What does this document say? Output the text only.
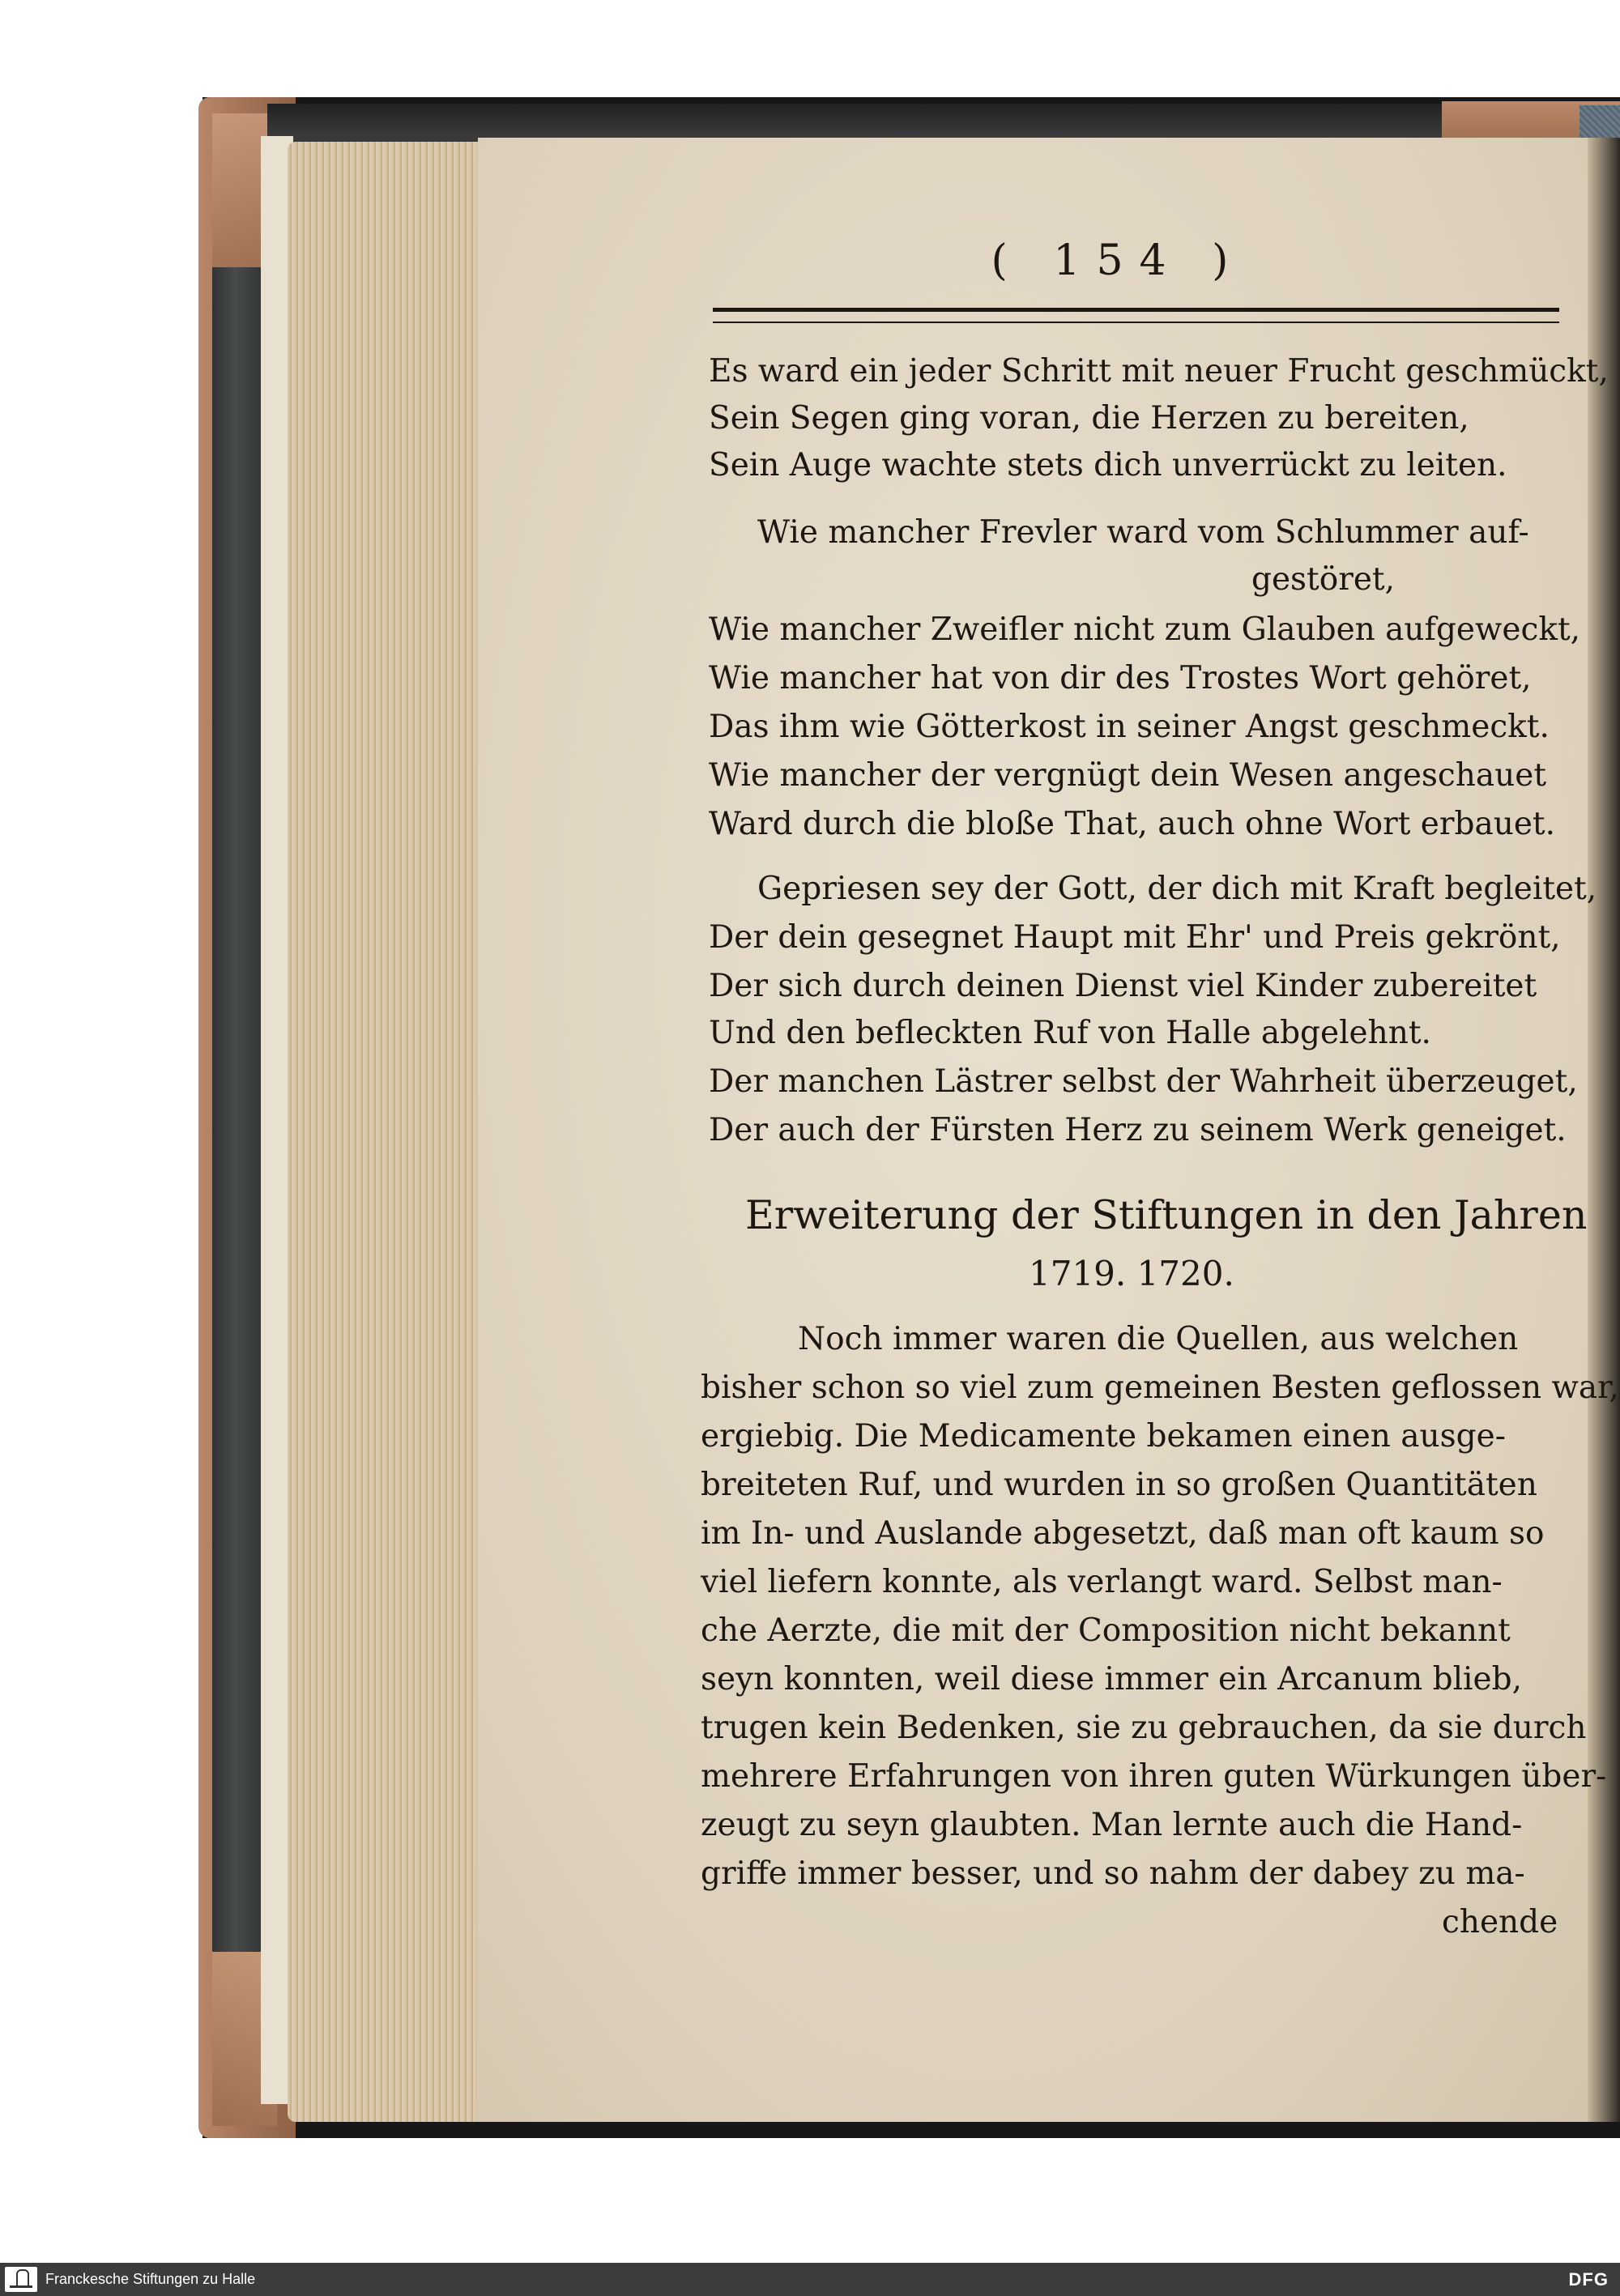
( 154 )
Es ward ein jeder Schritt mit neuer Frucht geschmückt,
Sein Segen ging voran, die Herzen zu bereiten,
Sein Auge wachte stets dich unverrückt zu leiten.
Wie mancher Frevler ward vom Schlummer auf-
gestöret,
Wie mancher Zweifler nicht zum Glauben aufgeweckt,
Wie mancher hat von dir des Trostes Wort gehöret,
Das ihm wie Götterkost in seiner Angst geschmeckt.
Wie mancher der vergnügt dein Wesen angeschauet
Ward durch die bloße That, auch ohne Wort erbauet.
Gepriesen sey der Gott, der dich mit Kraft begleitet,
Der dein gesegnet Haupt mit Ehr' und Preis gekrönt,
Der sich durch deinen Dienst viel Kinder zubereitet
Und den befleckten Ruf von Halle abgelehnt.
Der manchen Lästrer selbst der Wahrheit überzeuget,
Der auch der Fürsten Herz zu seinem Werk geneiget.
Erweiterung der Stiftungen in den Jahren
1719. 1720.
Noch immer waren die Quellen, aus welchen
bisher schon so viel zum gemeinen Besten geflossen war,
ergiebig. Die Medicamente bekamen einen ausge-
breiteten Ruf, und wurden in so großen Quantitäten
im In- und Auslande abgesetzt, daß man oft kaum so
viel liefern konnte, als verlangt ward. Selbst man-
che Aerzte, die mit der Composition nicht bekannt
seyn konnten, weil diese immer ein Arcanum blieb,
trugen kein Bedenken, sie zu gebrauchen, da sie durch
mehrere Erfahrungen von ihren guten Würkungen über-
zeugt zu seyn glaubten. Man lernte auch die Hand-
griffe immer besser, und so nahm der dabey zu ma-
chende
Franckesche Stiftungen zu Halle	DFG
